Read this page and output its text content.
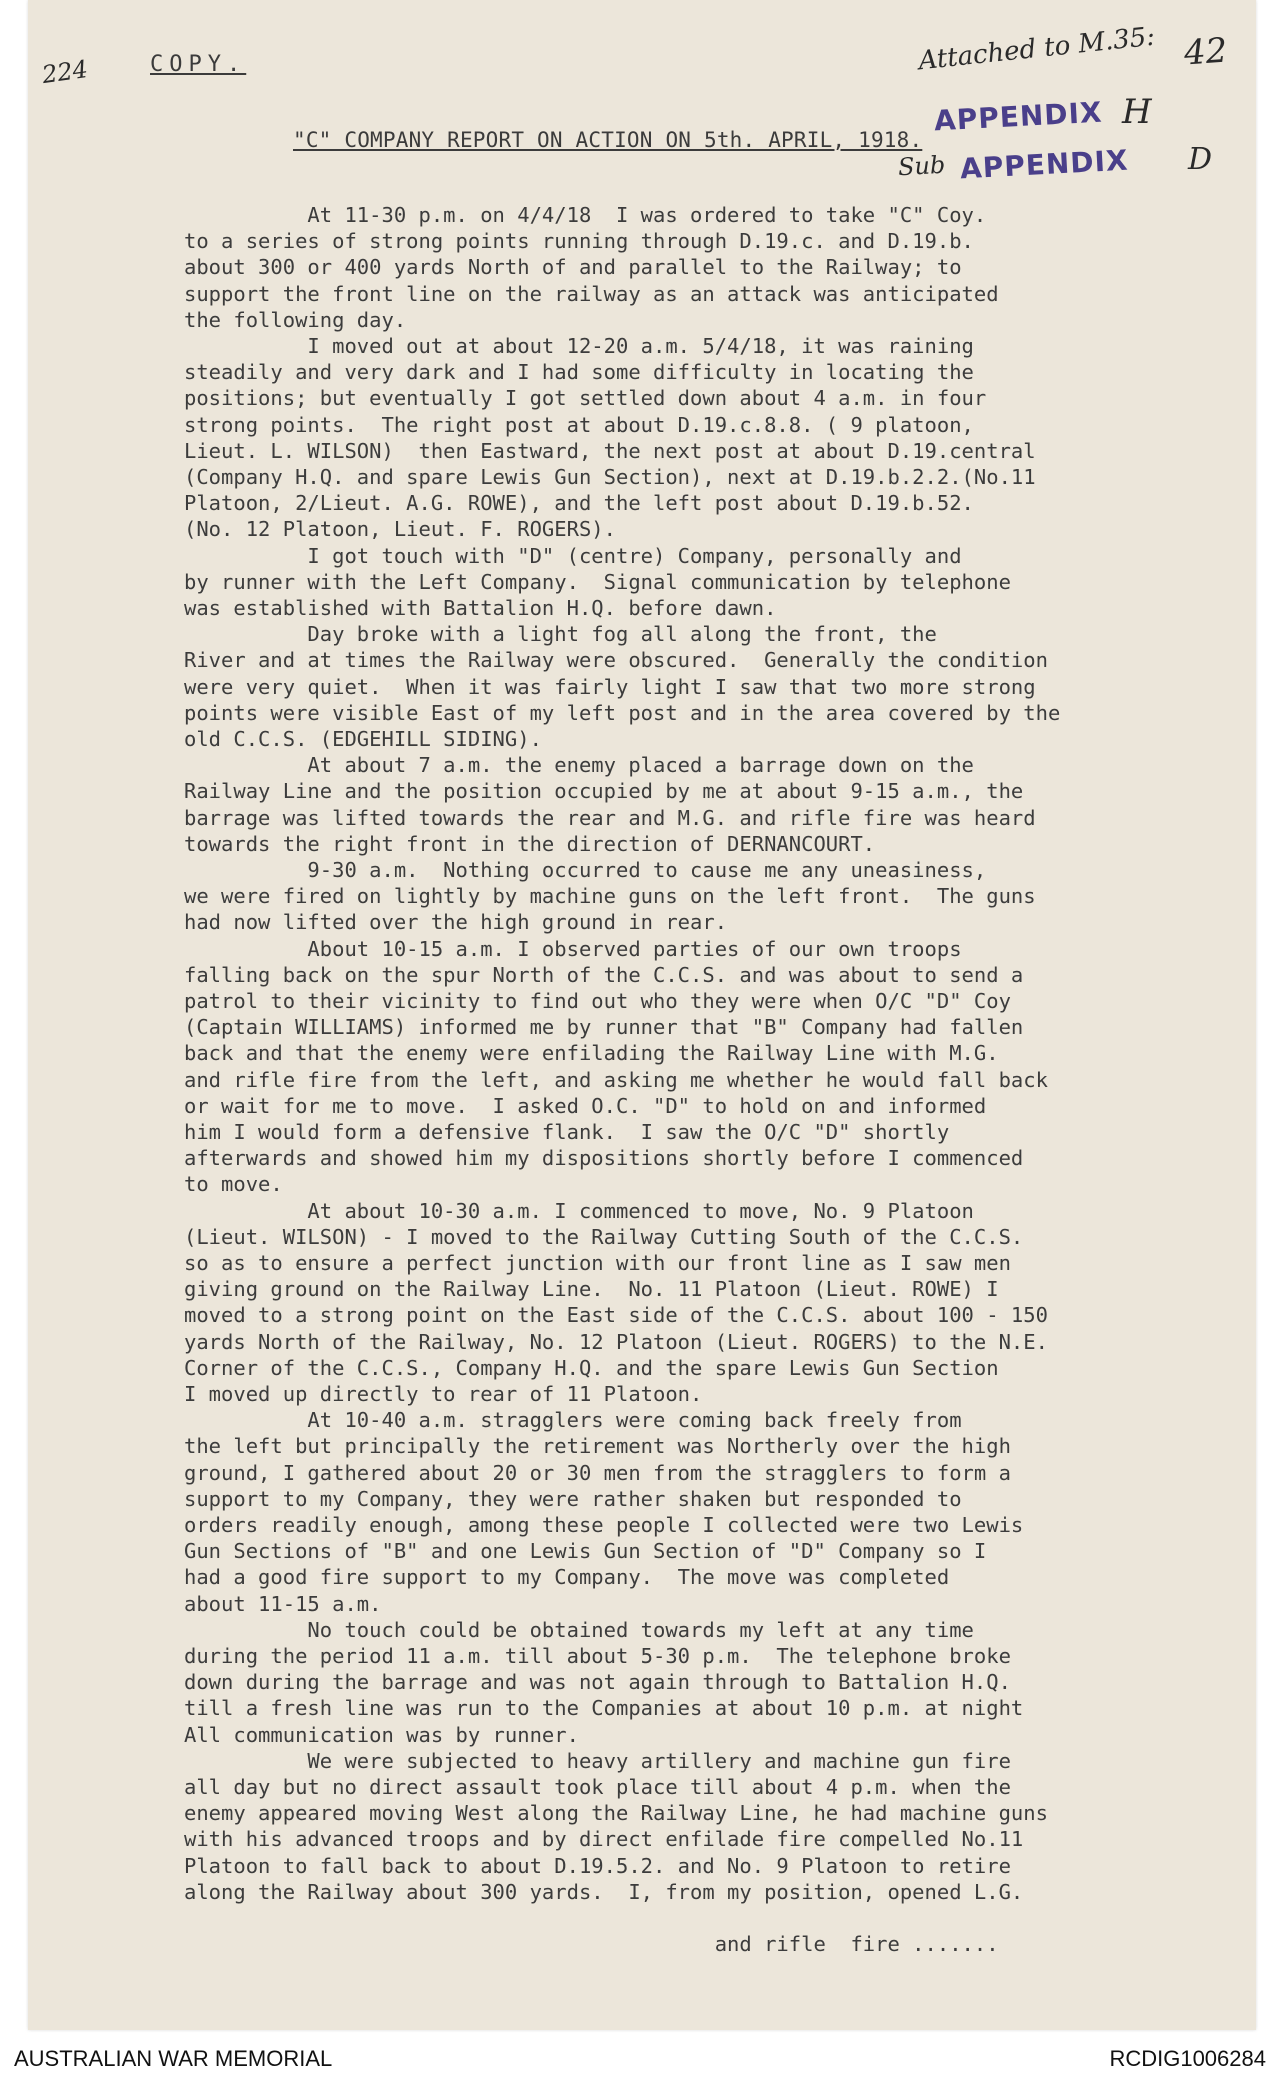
224	COPY.	Attached to M.35: 42
APPENDIX H
Sub APPENDIX D
"C" COMPANY REPORT ON ACTION ON 5th. APRIL, 1918.
At 11-30 p.m. on 4/4/18  I was ordered to take "C" Coy.
to a series of strong points running through D.19.c. and D.19.b.
about 300 or 400 yards North of and parallel to the Railway; to
support the front line on the railway as an attack was anticipated
the following day.
I moved out at about 12-20 a.m. 5/4/18, it was raining
steadily and very dark and I had some difficulty in locating the
positions; but eventually I got settled down about 4 a.m. in four
strong points.  The right post at about D.19.c.8.8. ( 9 platoon,
Lieut. L. WILSON)  then Eastward, the next post at about D.19.central
(Company H.Q. and spare Lewis Gun Section), next at D.19.b.2.2.(No.11
Platoon, 2/Lieut. A.G. ROWE), and the left post about D.19.b.52.
(No. 12 Platoon, Lieut. F. ROGERS).
I got touch with "D" (centre) Company, personally and
by runner with the Left Company.  Signal communication by telephone
was established with Battalion H.Q. before dawn.
Day broke with a light fog all along the front, the
River and at times the Railway were obscured.  Generally the condition
were very quiet.  When it was fairly light I saw that two more strong
points were visible East of my left post and in the area covered by the
old C.C.S. (EDGEHILL SIDING).
At about 7 a.m. the enemy placed a barrage down on the
Railway Line and the position occupied by me at about 9-15 a.m., the
barrage was lifted towards the rear and M.G. and rifle fire was heard
towards the right front in the direction of DERNANCOURT.
9-30 a.m.  Nothing occurred to cause me any uneasiness,
we were fired on lightly by machine guns on the left front.  The guns
had now lifted over the high ground in rear.
About 10-15 a.m. I observed parties of our own troops
falling back on the spur North of the C.C.S. and was about to send a
patrol to their vicinity to find out who they were when O/C "D" Coy
(Captain WILLIAMS) informed me by runner that "B" Company had fallen
back and that the enemy were enfilading the Railway Line with M.G.
and rifle fire from the left, and asking me whether he would fall back
or wait for me to move.  I asked O.C. "D" to hold on and informed
him I would form a defensive flank.  I saw the O/C "D" shortly
afterwards and showed him my dispositions shortly before I commenced
to move.
At about 10-30 a.m. I commenced to move, No. 9 Platoon
(Lieut. WILSON) - I moved to the Railway Cutting South of the C.C.S.
so as to ensure a perfect junction with our front line as I saw men
giving ground on the Railway Line.  No. 11 Platoon (Lieut. ROWE) I
moved to a strong point on the East side of the C.C.S. about 100 - 150
yards North of the Railway, No. 12 Platoon (Lieut. ROGERS) to the N.E.
Corner of the C.C.S., Company H.Q. and the spare Lewis Gun Section
I moved up directly to rear of 11 Platoon.
At 10-40 a.m. stragglers were coming back freely from
the left but principally the retirement was Northerly over the high
ground, I gathered about 20 or 30 men from the stragglers to form a
support to my Company, they were rather shaken but responded to
orders readily enough, among these people I collected were two Lewis
Gun Sections of "B" and one Lewis Gun Section of "D" Company so I
had a good fire support to my Company.  The move was completed
about 11-15 a.m.
No touch could be obtained towards my left at any time
during the period 11 a.m. till about 5-30 p.m.  The telephone broke
down during the barrage and was not again through to Battalion H.Q.
till a fresh line was run to the Companies at about 10 p.m. at night
All communication was by runner.
We were subjected to heavy artillery and machine gun fire
all day but no direct assault took place till about 4 p.m. when the
enemy appeared moving West along the Railway Line, he had machine guns
with his advanced troops and by direct enfilade fire compelled No.11
Platoon to fall back to about D.19.5.2. and No. 9 Platoon to retire
along the Railway about 300 yards.  I, from my position, opened L.G.
and rifle  fire .......
AUSTRALIAN WAR MEMORIAL	RCDIG1006284
